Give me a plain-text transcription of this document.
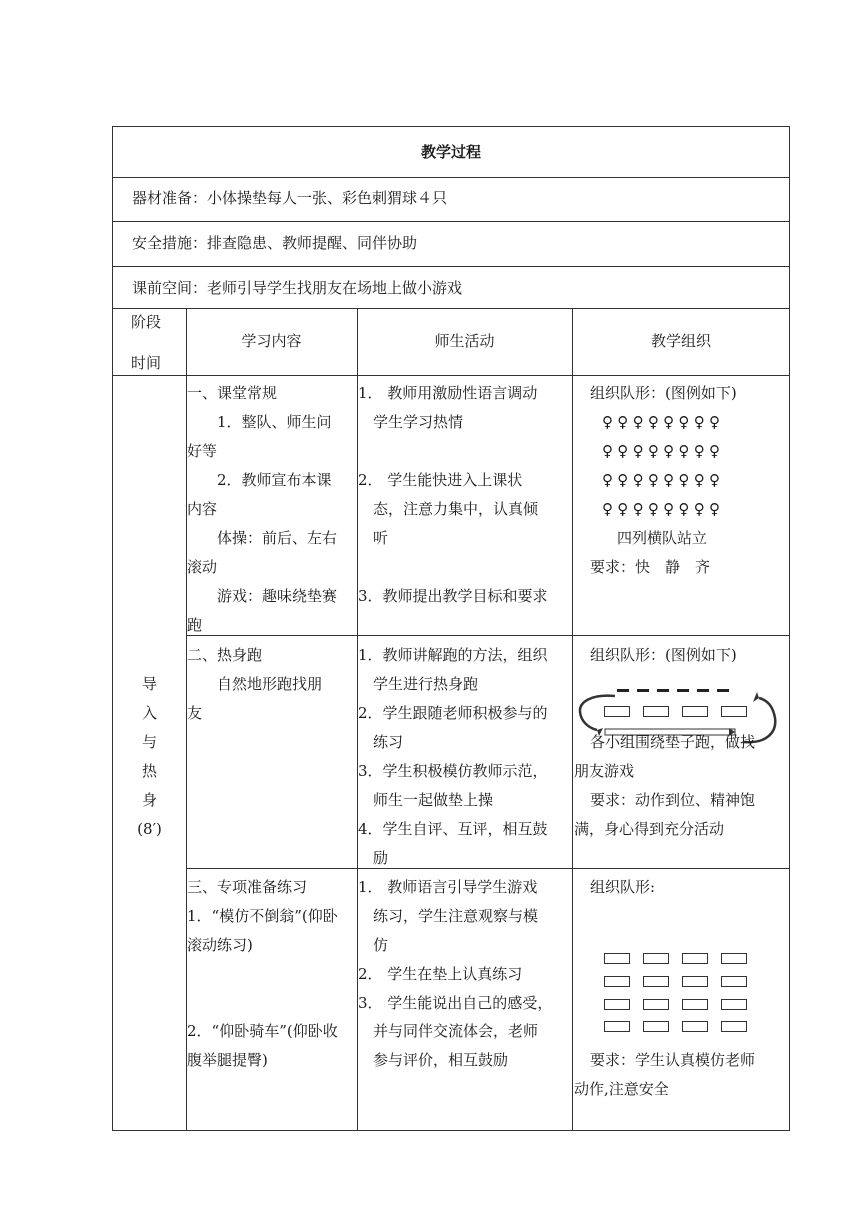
教学过程
器材准备：小体操垫每人一张、彩色刺猬球４只
安全措施：排查隐患、教师提醒、同伴协助
课前空间：老师引导学生找朋友在场地上做小游戏
阶段
时间
学习内容	师生活动	教学组织
导
入
与
热
身
(8′)
一、课堂常规
　　1．整队、师生问
好等
　　2．教师宣布本课
内容
　　体操：前后、左右
滚动
　　游戏：趣味绕垫赛
跑
1． 教师用激励性语言调动
　学生学习热情
2． 学生能快进入上课状
　态，注意力集中，认真倾
　听
3．教师提出教学目标和要求
组织队形：(图例如下)
♀♀♀♀♀♀♀♀
♀♀♀♀♀♀♀♀
♀♀♀♀♀♀♀♀
♀♀♀♀♀♀♀♀
四列横队站立
要求：快　静　齐
二、热身跑
　　自然地形跑找朋
友
1．教师讲解跑的方法，组织
　学生进行热身跑
2．学生跟随老师积极参与的
　练习
3．学生积极模仿教师示范，
　师生一起做垫上操
4．学生自评、互评，相互鼓
　励
组织队形：(图例如下)
各小组围绕垫子跑，做找
朋友游戏
要求：动作到位、精神饱
满，身心得到充分活动
三、专项准备练习
1．“模仿不倒翁”(仰卧
滚动练习)
2．“仰卧骑车”(仰卧收
腹举腿提臀)
1． 教师语言引导学生游戏
　练习，学生注意观察与模
　仿
2． 学生在垫上认真练习
3． 学生能说出自己的感受，
　并与同伴交流体会，老师
　参与评价，相互鼓励
组织队形:
要求：学生认真模仿老师
动作,注意安全
